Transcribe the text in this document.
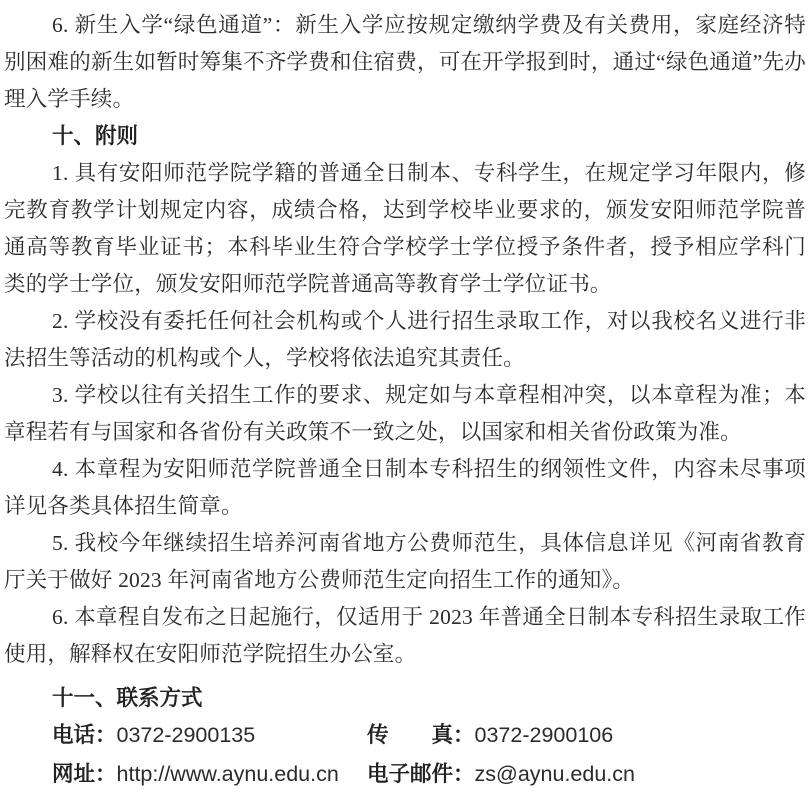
6. 新生入学“绿色通道”：新生入学应按规定缴纳学费及有关费用，家庭经济特别困难的新生如暂时筹集不齐学费和住宿费，可在开学报到时，通过“绿色通道”先办理入学手续。

十、附则

1. 具有安阳师范学院学籍的普通全日制本、专科学生，在规定学习年限内，修完教育教学计划规定内容，成绩合格，达到学校毕业要求的，颁发安阳师范学院普通高等教育毕业证书；本科毕业生符合学校学士学位授予条件者，授予相应学科门类的学士学位，颁发安阳师范学院普通高等教育学士学位证书。

2. 学校没有委托任何社会机构或个人进行招生录取工作，对以我校名义进行非法招生等活动的机构或个人，学校将依法追究其责任。

3. 学校以往有关招生工作的要求、规定如与本章程相冲突，以本章程为准；本章程若有与国家和各省份有关政策不一致之处，以国家和相关省份政策为准。

4. 本章程为安阳师范学院普通全日制本专科招生的纲领性文件，内容未尽事项详见各类具体招生简章。

5. 我校今年继续招生培养河南省地方公费师范生，具体信息详见《河南省教育厅关于做好 2023 年河南省地方公费师范生定向招生工作的通知》。

6. 本章程自发布之日起施行，仅适用于 2023 年普通全日制本专科招生录取工作使用，解释权在安阳师范学院招生办公室。

十一、联系方式
电话：0372-2900135	传　　真：0372-2900106
网址：http://www.aynu.edu.cn	电子邮件：zs@aynu.edu.cn
